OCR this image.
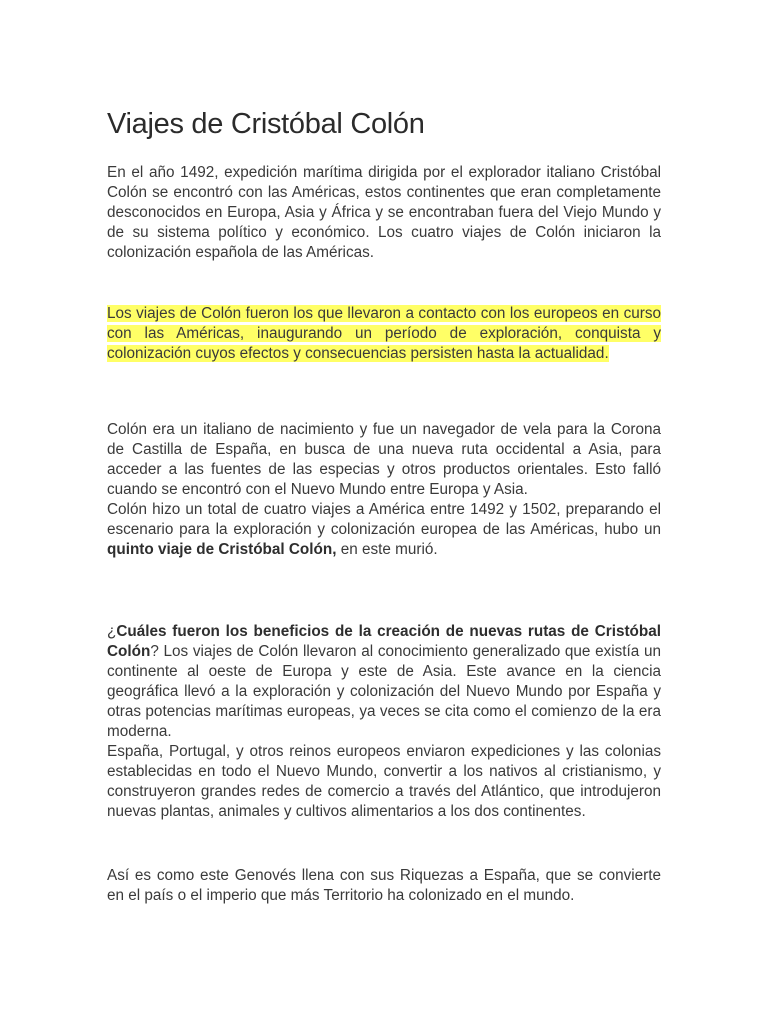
Viajes de Cristóbal Colón

En el año 1492, expedición marítima dirigida por el explorador italiano Cristóbal Colón se encontró con las Américas, estos continentes que eran completamente desconocidos en Europa, Asia y África y se encontraban fuera del Viejo Mundo y de su sistema político y económico. Los cuatro viajes de Colón iniciaron la colonización española de las Américas.

Los viajes de Colón fueron los que llevaron a contacto con los europeos en curso con las Américas, inaugurando un período de exploración, conquista y colonización cuyos efectos y consecuencias persisten hasta la actualidad.

Colón era un italiano de nacimiento y fue un navegador de vela para la Corona de Castilla de España, en busca de una nueva ruta occidental a Asia, para acceder a las fuentes de las especias y otros productos orientales. Esto falló cuando se encontró con el Nuevo Mundo entre Europa y Asia.

Colón hizo un total de cuatro viajes a América entre 1492 y 1502, preparando el escenario para la exploración y colonización europea de las Américas, hubo un quinto viaje de Cristóbal Colón, en este murió.

¿Cuáles fueron los beneficios de la creación de nuevas rutas de Cristóbal Colón? Los viajes de Colón llevaron al conocimiento generalizado que existía un continente al oeste de Europa y este de Asia. Este avance en la ciencia geográfica llevó a la exploración y colonización del Nuevo Mundo por España y otras potencias marítimas europeas, ya veces se cita como el comienzo de la era moderna.

España, Portugal, y otros reinos europeos enviaron expediciones y las colonias establecidas en todo el Nuevo Mundo, convertir a los nativos al cristianismo, y construyeron grandes redes de comercio a través del Atlántico, que introdujeron nuevas plantas, animales y cultivos alimentarios a los dos continentes.

Así es como este Genovés llena con sus Riquezas a España, que se convierte en el país o el imperio que más Territorio ha colonizado en el mundo.
